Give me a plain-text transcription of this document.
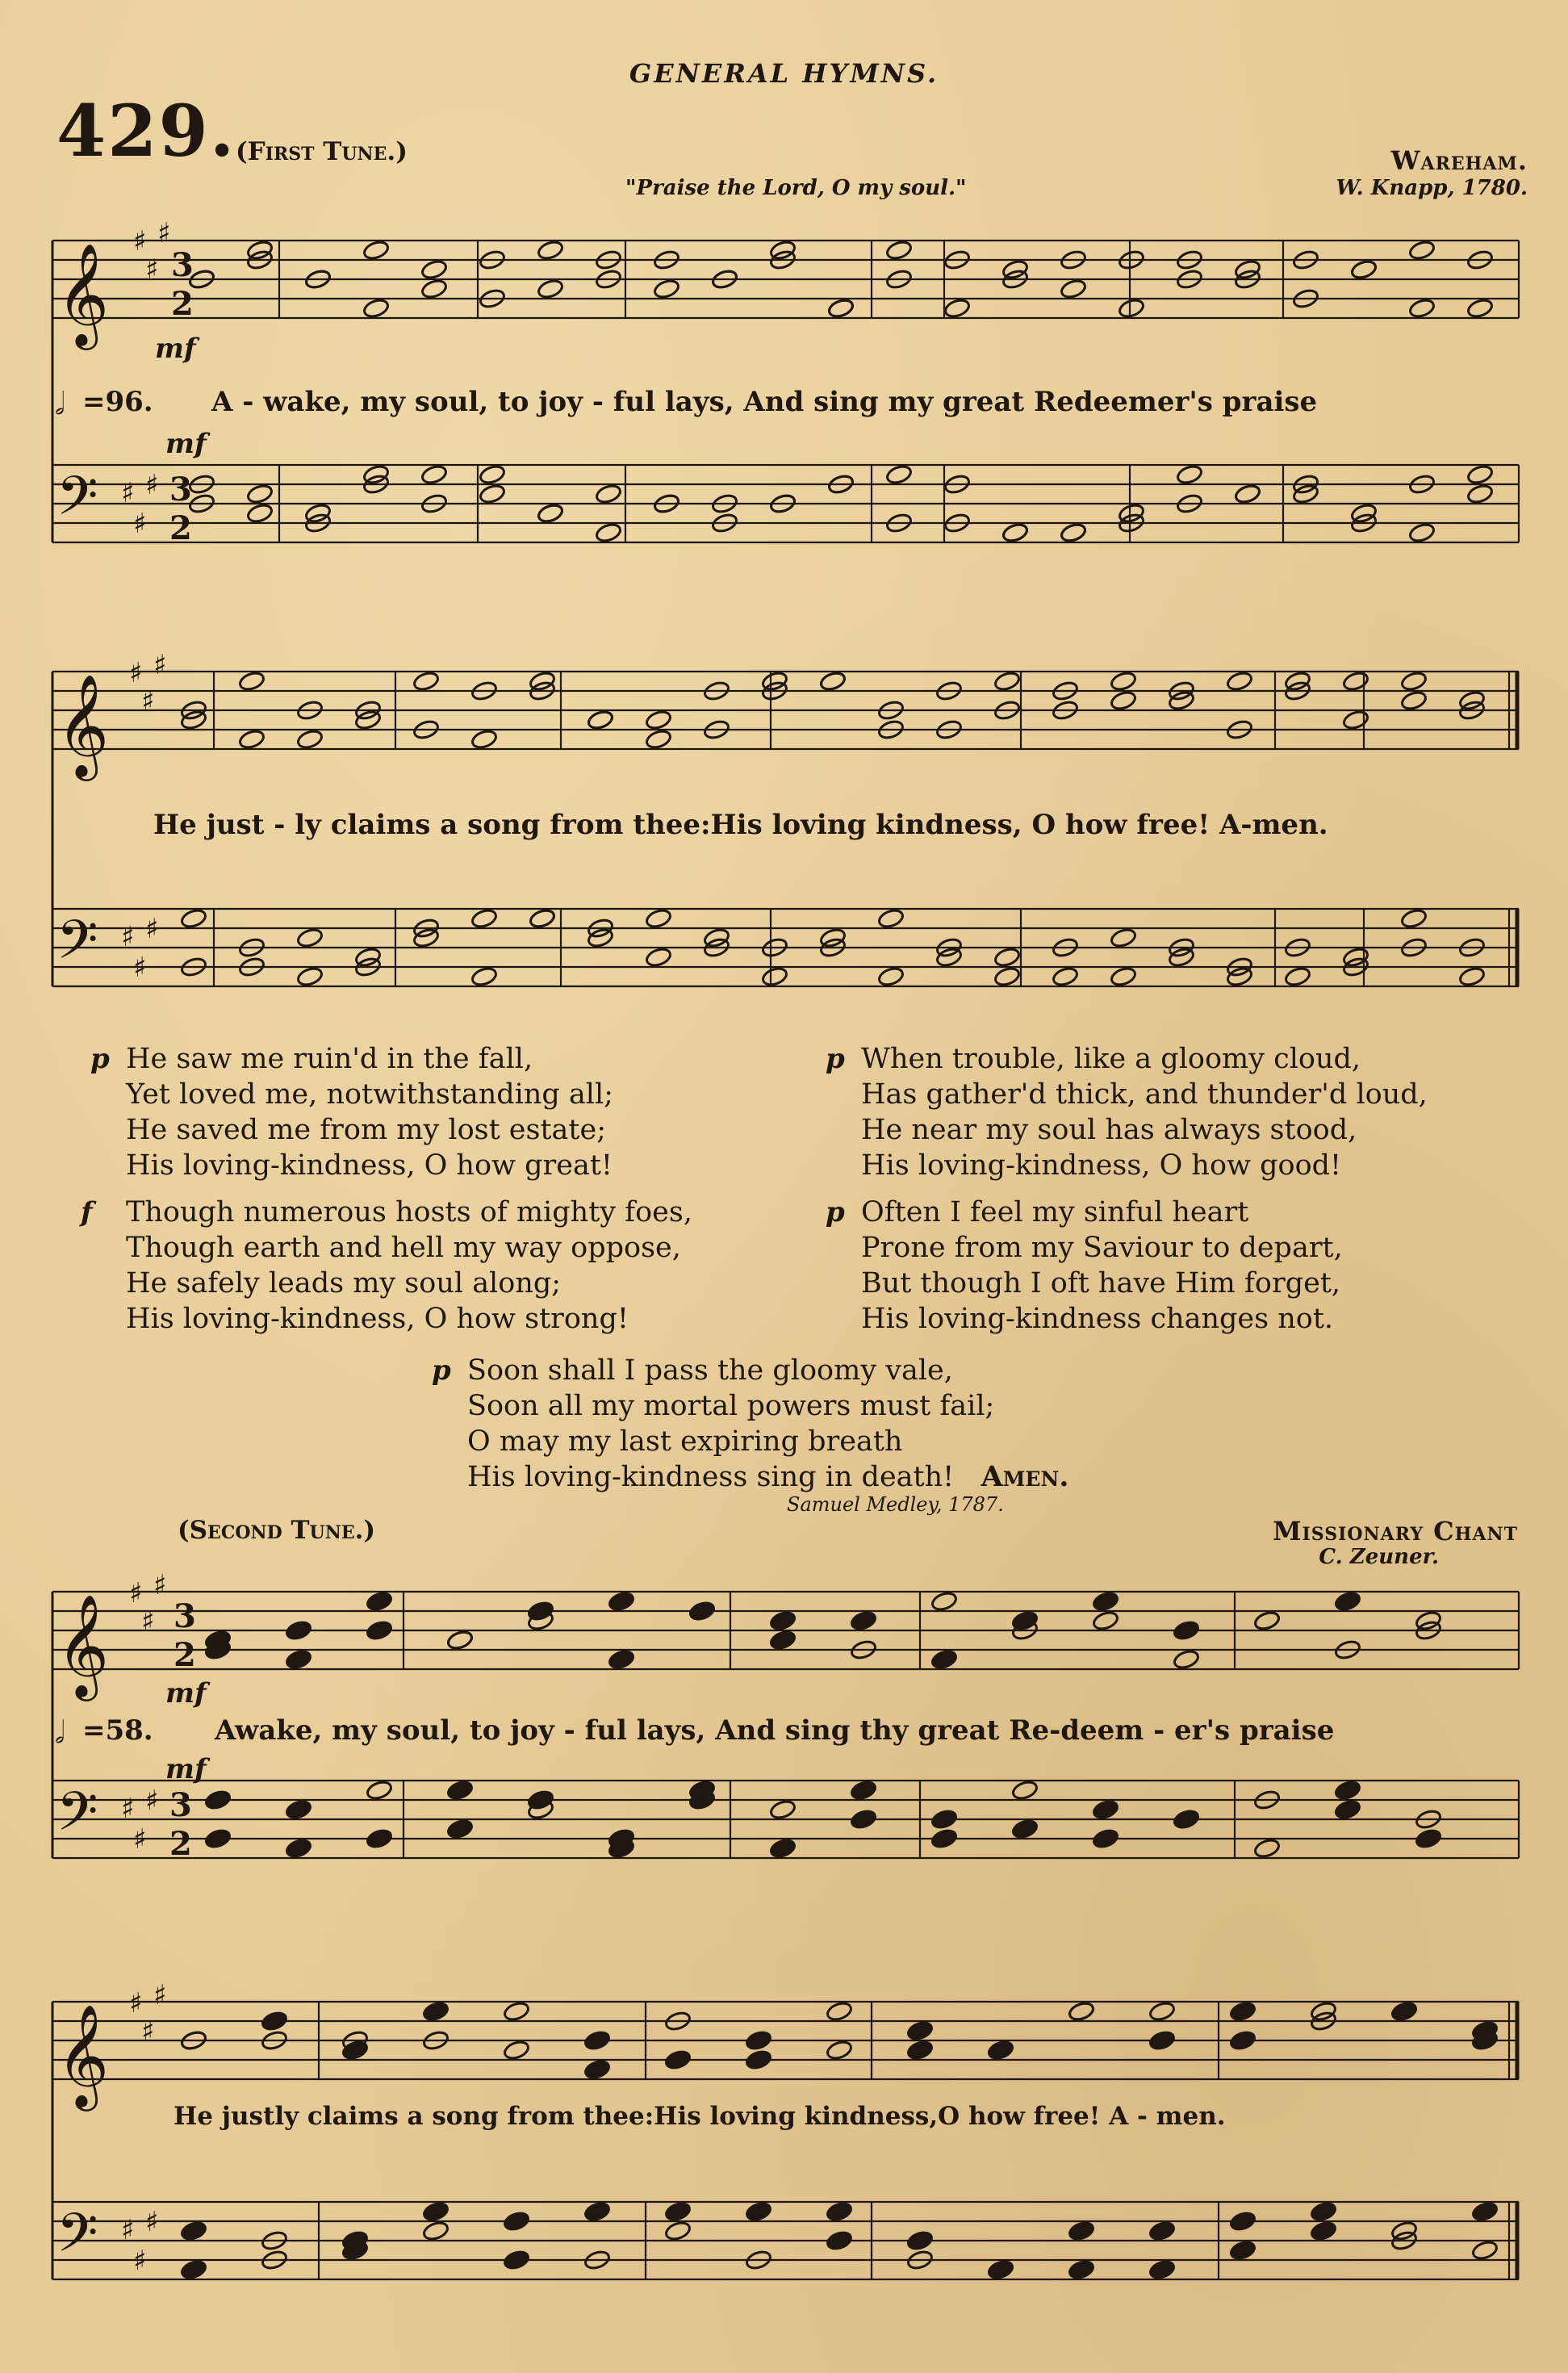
GENERAL HYMNS.
429. (First Tune.)	Wareham.
"Praise the Lord, O my soul."	W. Knapp, 1780.
𝄞
𝄢
𝄞
𝄢
𝄞
𝄢
𝄞
𝄢
♯
♯
♯
♯
♯
♯
♯
♯
♯
♯
♯
♯
♯
♯
♯
♯
♯
♯
♯
♯
♯
♯
♯
♯
3
2
3
2
3
2
3
2
mf
mf
𝅗𝅥 =96. A - wake, my soul, to joy - ful lays, And sing my great Redeemer's praise
He just - ly claims a song from thee:His loving kindness, O how free! A-men.
p He saw me ruin'd in the fall,
Yet loved me, notwithstanding all;
He saved me from my lost estate;
His loving-kindness, O how great!
p When trouble, like a gloomy cloud,
Has gather'd thick, and thunder'd loud,
He near my soul has always stood,
His loving-kindness, O how good!
f Though numerous hosts of mighty foes,
Though earth and hell my way oppose,
He safely leads my soul along;
His loving-kindness, O how strong!
p Often I feel my sinful heart
Prone from my Saviour to depart,
But though I oft have Him forget,
His loving-kindness changes not.
p Soon shall I pass the gloomy vale,
Soon all my mortal powers must fail;
O may my last expiring breath
His loving-kindness sing in death! Amen.
Samuel Medley, 1787.
(Second Tune.)	Missionary Chant
C. Zeuner.
mf
mf
𝅗𝅥 =58. Awake, my soul, to joy - ful lays, And sing thy great Re-deem - er's praise
He justly claims a song from thee:His loving kindness,O how free! A - men.
